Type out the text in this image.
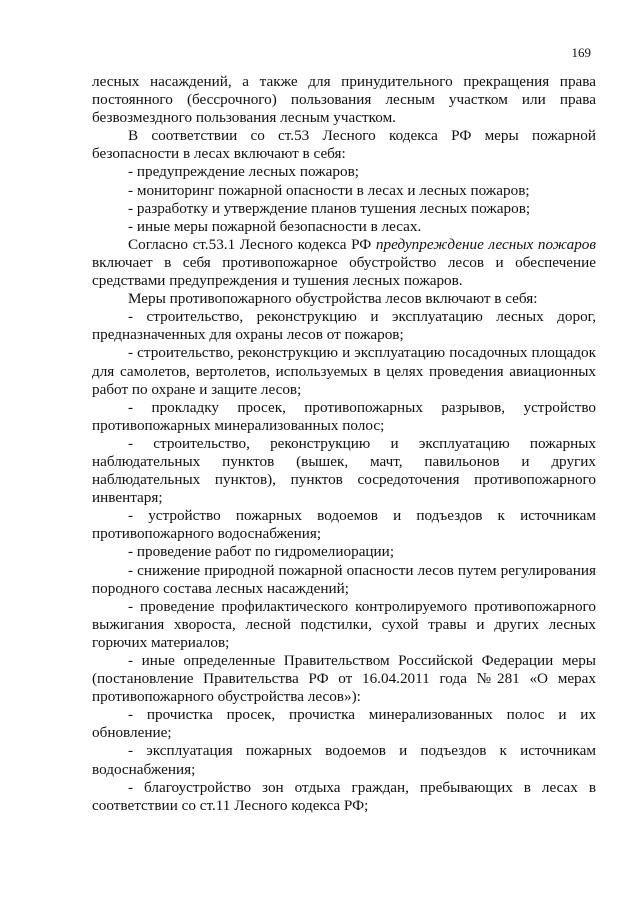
169

лесных насаждений, а также для принудительного прекращения права постоянного (бессрочного) пользования лесным участком или права безвозмездного пользования лесным участком.

В соответствии со ст.53 Лесного кодекса РФ меры пожарной безопасности в лесах включают в себя:

- предупреждение лесных пожаров;

- мониторинг пожарной опасности в лесах и лесных пожаров;

- разработку и утверждение планов тушения лесных пожаров;

- иные меры пожарной безопасности в лесах.

Согласно ст.53.1 Лесного кодекса РФ предупреждение лесных пожаров включает в себя противопожарное обустройство лесов и обеспечение средствами предупреждения и тушения лесных пожаров.

Меры противопожарного обустройства лесов включают в себя:

- строительство, реконструкцию и эксплуатацию лесных дорог, предназначенных для охраны лесов от пожаров;

- строительство, реконструкцию и эксплуатацию посадочных площадок для самолетов, вертолетов, используемых в целях проведения авиационных работ по охране и защите лесов;

- прокладку просек, противопожарных разрывов, устройство противопожарных минерализованных полос;

- строительство, реконструкцию и эксплуатацию пожарных наблюдательных пунктов (вышек, мачт, павильонов и других наблюдательных пунктов), пунктов сосредоточения противопожарного инвентаря;

- устройство пожарных водоемов и подъездов к источникам противопожарного водоснабжения;

- проведение работ по гидромелиорации;

- снижение природной пожарной опасности лесов путем регулирования породного состава лесных насаждений;

- проведение профилактического контролируемого противопожарного выжигания хвороста, лесной подстилки, сухой травы и других лесных горючих материалов;

- иные определенные Правительством Российской Федерации меры (постановление Правительства РФ от 16.04.2011 года №281 «О мерах противопожарного обустройства лесов»):

- прочистка просек, прочистка минерализованных полос и их обновление;

- эксплуатация пожарных водоемов и подъездов к источникам водоснабжения;

- благоустройство зон отдыха граждан, пребывающих в лесах в соответствии со ст.11 Лесного кодекса РФ;
